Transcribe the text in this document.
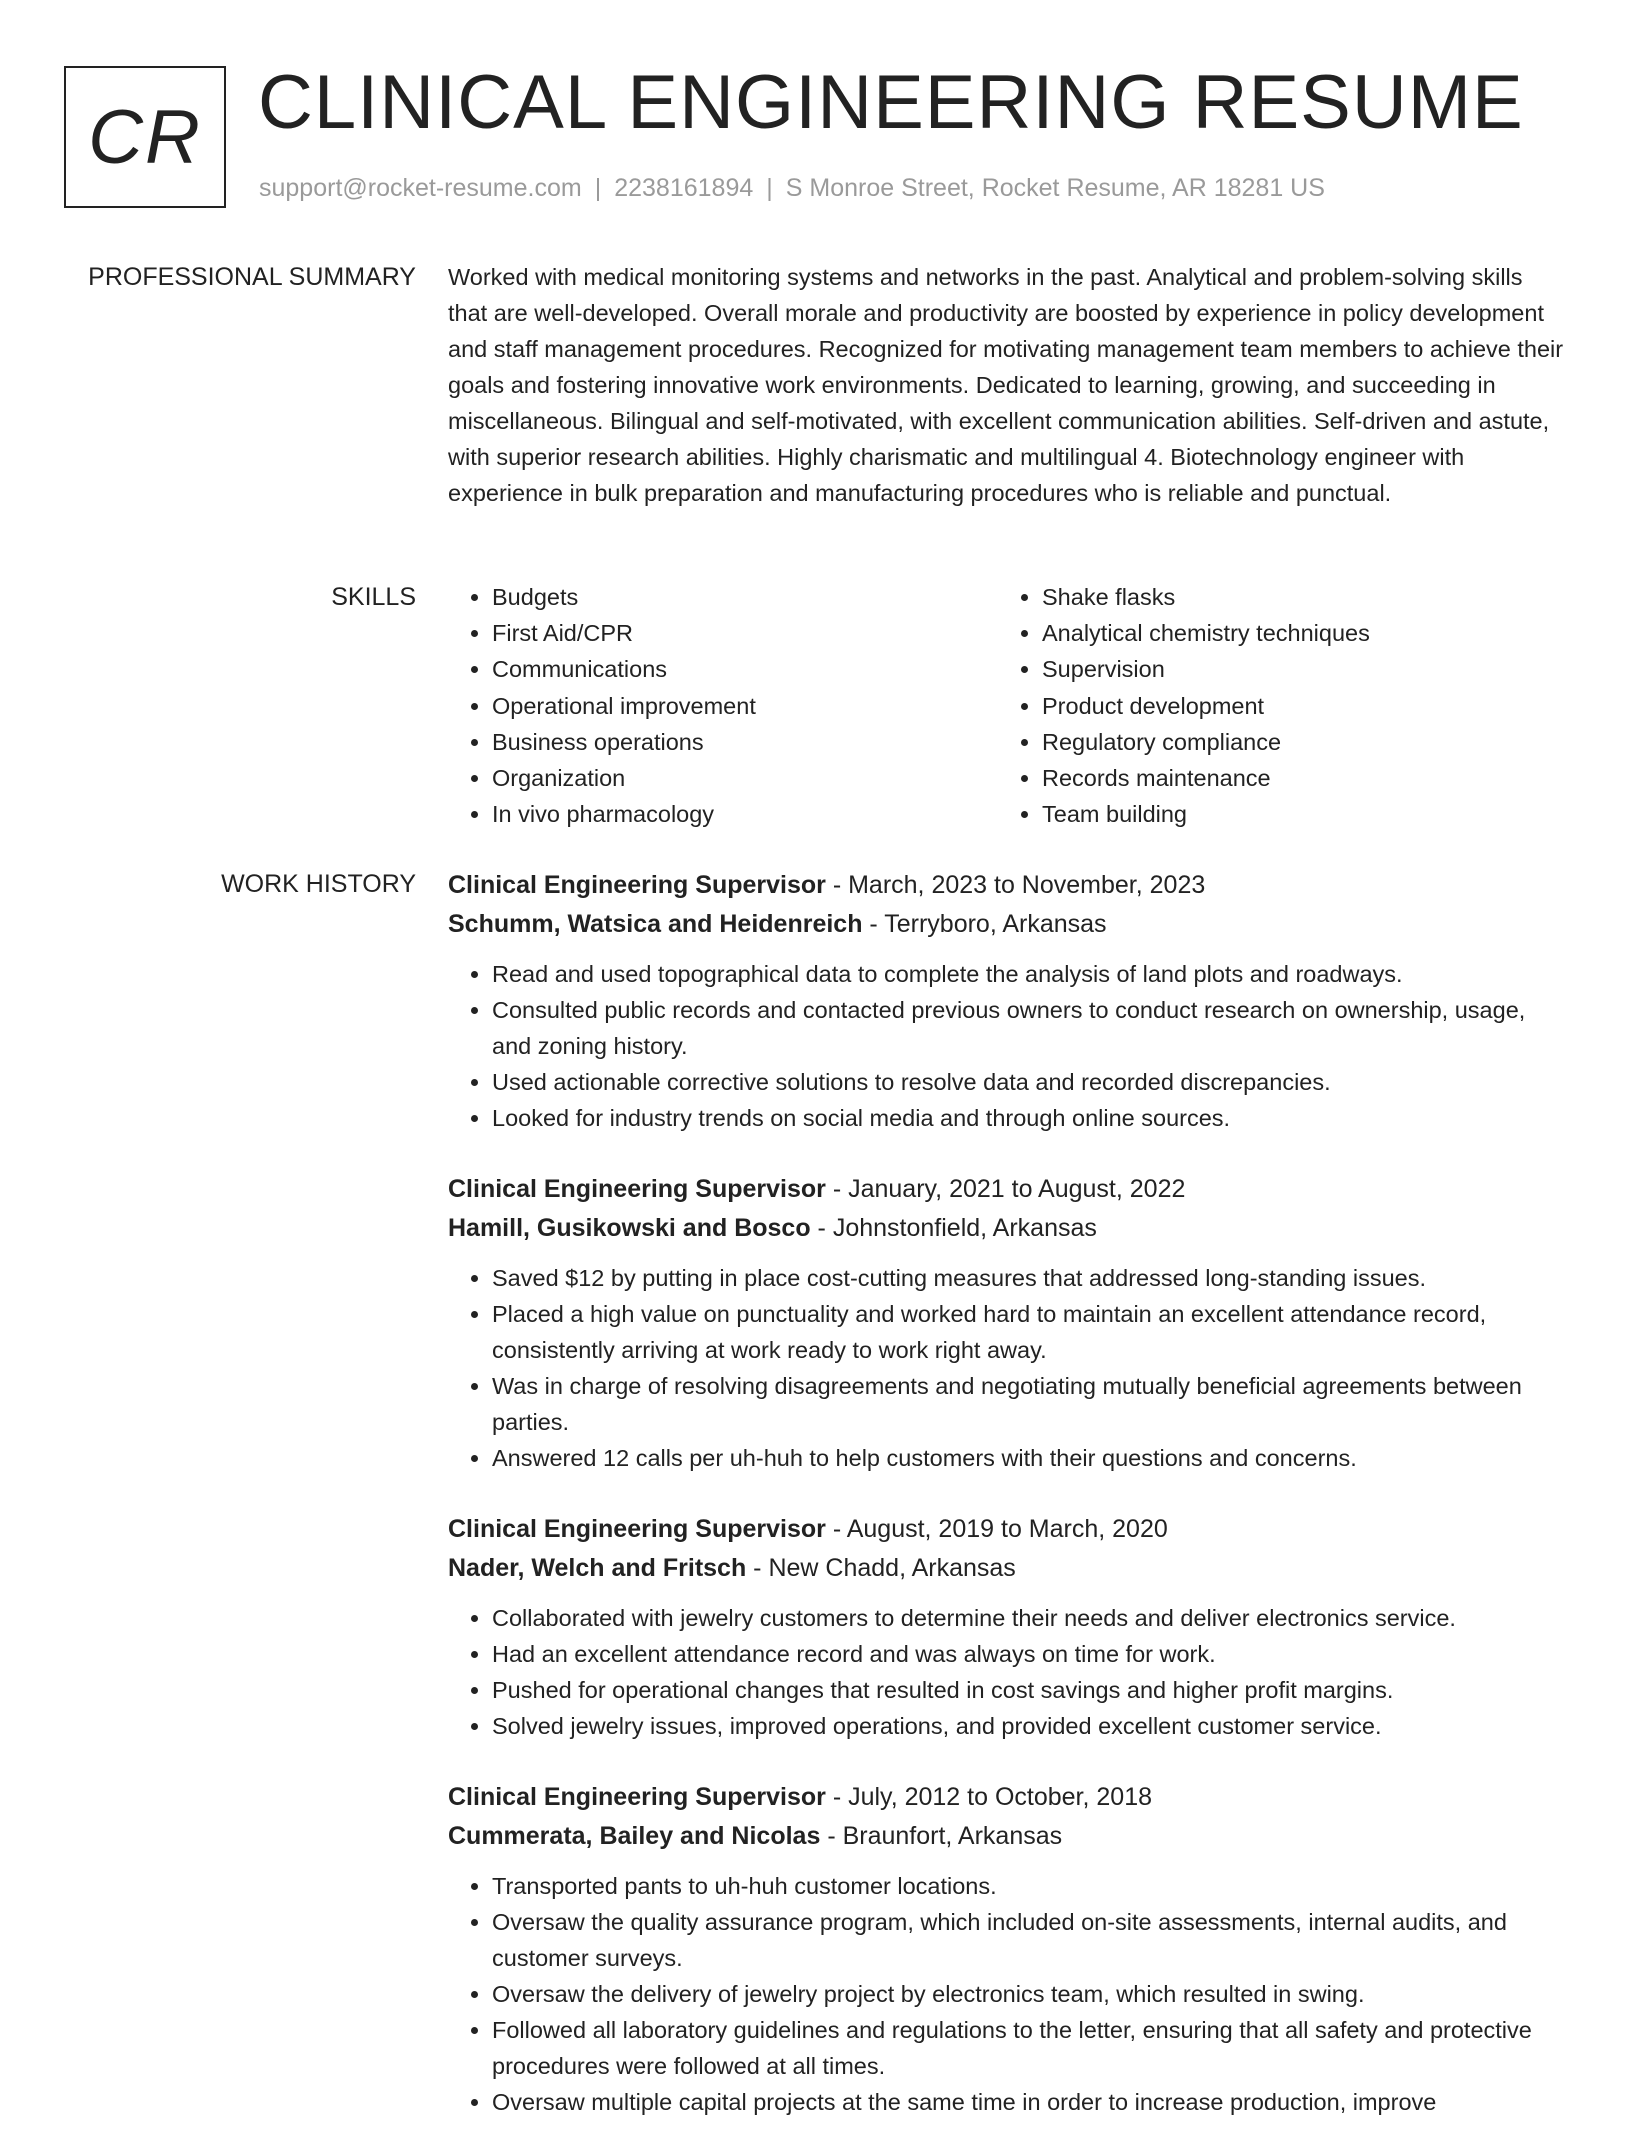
CR CLINICAL ENGINEERING RESUME
support@rocket-resume.com | 2238161894 | S Monroe Street, Rocket Resume, AR 18281 US
PROFESSIONAL SUMMARY Worked with medical monitoring systems and networks in the past. Analytical and problem-solving skills that are well-developed. Overall morale and productivity are boosted by experience in policy development and staff management procedures. Recognized for motivating management team members to achieve their goals and fostering innovative work environments. Dedicated to learning, growing, and succeeding in miscellaneous. Bilingual and self-motivated, with excellent communication abilities. Self-driven and astute, with superior research abilities. Highly charismatic and multilingual 4. Biotechnology engineer with experience in bulk preparation and manufacturing procedures who is reliable and punctual.

SKILLS
•	Budgets
• First Aid/CPR
• Communications
• Operational improvement
• Business operations
• Organization
• In vivo pharmacology
• Shake flasks
• Analytical chemistry techniques
• Supervision
• Product development
• Regulatory compliance
• Records maintenance
• Team building
WORK HISTORY Clinical Engineering Supervisor - March, 2023 to November, 2023
Schumm, Watsica and Heidenreich - Terryboro, Arkansas
• Read and used topographical data to complete the analysis of land plots and roadways.
• Consulted public records and contacted previous owners to conduct research on ownership, usage, and zoning history.
• Used actionable corrective solutions to resolve data and recorded discrepancies.
• Looked for industry trends on social media and through online sources.
Clinical Engineering Supervisor - January, 2021 to August, 2022
Hamill, Gusikowski and Bosco - Johnstonfield, Arkansas
• Saved $12 by putting in place cost-cutting measures that addressed long-standing issues.
• Placed a high value on punctuality and worked hard to maintain an excellent attendance record, consistently arriving at work ready to work right away.
• Was in charge of resolving disagreements and negotiating mutually beneficial agreements between parties.
• Answered 12 calls per uh-huh to help customers with their questions and concerns.
Clinical Engineering Supervisor - August, 2019 to March, 2020
Nader, Welch and Fritsch - New Chadd, Arkansas
• Collaborated with jewelry customers to determine their needs and deliver electronics service.
• Had an excellent attendance record and was always on time for work.
• Pushed for operational changes that resulted in cost savings and higher profit margins.
• Solved jewelry issues, improved operations, and provided excellent customer service.
Clinical Engineering Supervisor - July, 2012 to October, 2018
Cummerata, Bailey and Nicolas - Braunfort, Arkansas
• Transported pants to uh-huh customer locations.
• Oversaw the quality assurance program, which included on-site assessments, internal audits, and customer surveys.
• Oversaw the delivery of jewelry project by electronics team, which resulted in swing.
• Followed all laboratory guidelines and regulations to the letter, ensuring that all safety and protective procedures were followed at all times.
• Oversaw multiple capital projects at the same time in order to increase production, improve
